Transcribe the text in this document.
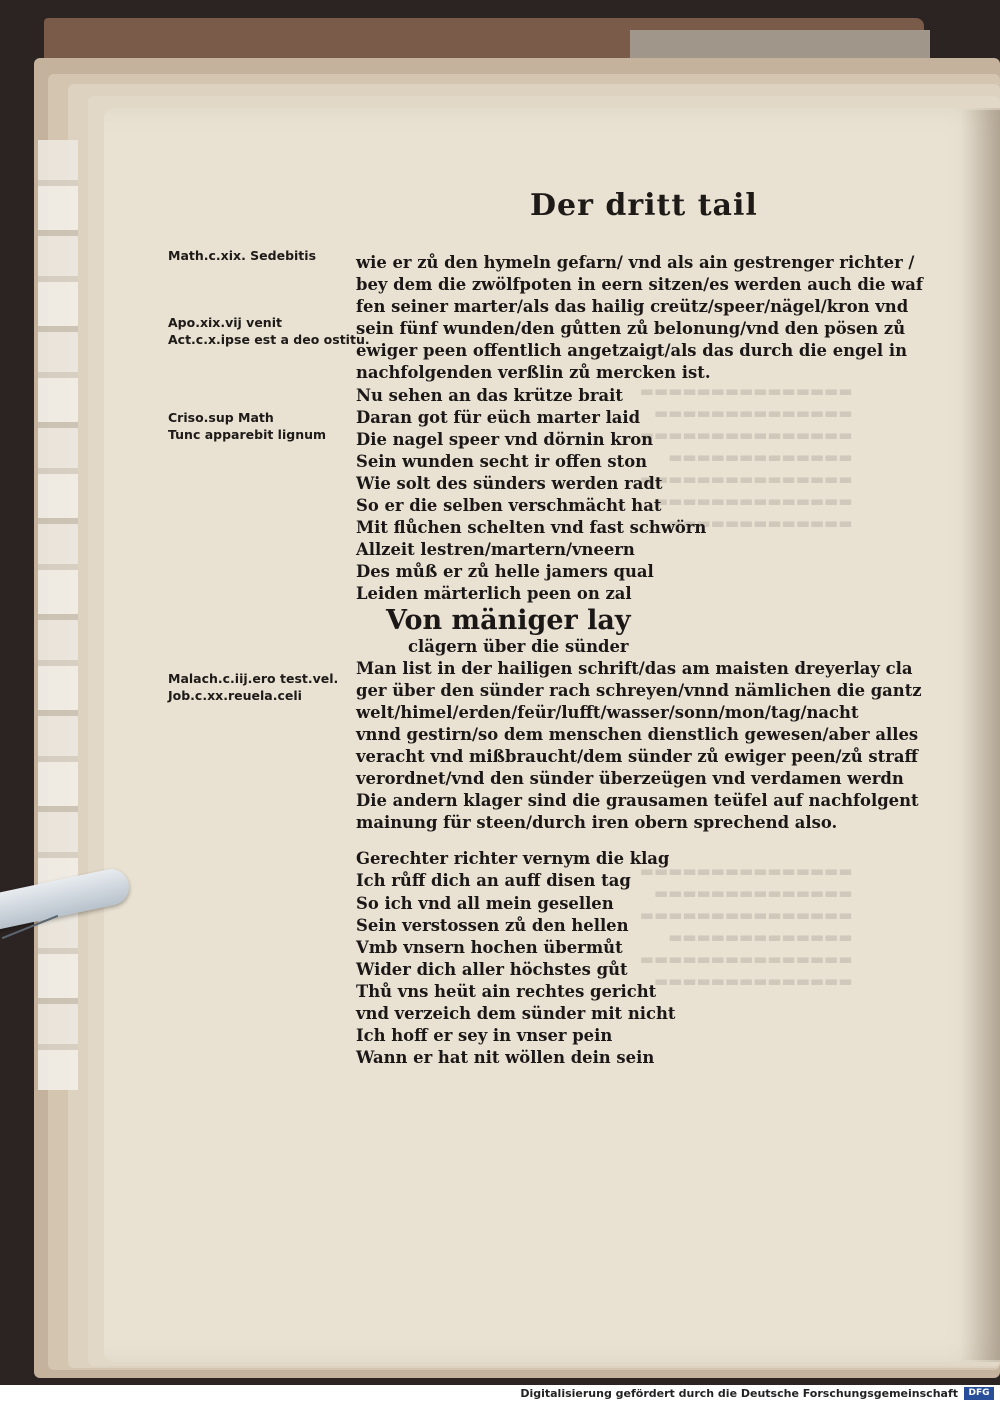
▬▬▬▬▬▬▬▬▬▬▬▬▬▬▬
▬▬▬▬▬▬▬▬▬▬▬▬▬▬
▬▬▬▬▬▬▬▬▬▬▬▬▬▬▬
▬▬▬▬▬▬▬▬▬▬▬▬▬
▬▬▬▬▬▬▬▬▬▬▬▬▬▬▬
▬▬▬▬▬▬▬▬▬▬▬▬▬▬
▬▬▬▬▬▬▬▬▬▬▬▬▬
▬▬▬▬▬▬▬▬▬▬▬▬▬▬▬
▬▬▬▬▬▬▬▬▬▬▬▬▬▬
▬▬▬▬▬▬▬▬▬▬▬▬▬▬▬
▬▬▬▬▬▬▬▬▬▬▬▬▬
▬▬▬▬▬▬▬▬▬▬▬▬▬▬▬
▬▬▬▬▬▬▬▬▬▬▬▬▬▬
Der dritt tail
Math.c.xix. Sedebitis
Apo.xix.vij venit
Act.c.x.ipse est a deo ostitu.
Criso.sup Math
Tunc apparebit lignum
Malach.c.iij.ero test.vel.
Job.c.xx.reuela.celi
wie er zů den hymeln gefarn/ vnd als ain gestrenger richter /
bey dem die zwölfpoten in eern sitzen/es werden auch die waf
fen seiner marter/als das hailig creütz/speer/nägel/kron vnd
sein fünf wunden/den gůtten zů belonung/vnd den pösen zů
ewiger peen offentlich angetzaigt/als das durch die engel in
nachfolgenden verßlin zů mercken ist.
Nu sehen an das krütze brait
Daran got für eüch marter laid
Die nagel speer vnd dörnin kron
Sein wunden secht ir offen ston
Wie solt des sünders werden radt
So er die selben verschmächt hat
Mit flůchen schelten vnd fast schwörn
Allzeit lestren/martern/vneern
Des můß er zů helle jamers qual
Leiden märterlich peen on zal
Von mäniger lay
clägern über die sünder
Man list in der hailigen schrift/das am maisten dreyerlay cla
ger über den sünder rach schreyen/vnnd nämlichen die gantz
welt/himel/erden/feür/lufft/wasser/sonn/mon/tag/nacht
vnnd gestirn/so dem menschen dienstlich gewesen/aber alles
veracht vnd mißbraucht/dem sünder zů ewiger peen/zů straff
verordnet/vnd den sünder überzeügen vnd verdamen werdn
Die andern klager sind die grausamen teüfel auf nachfolgent
mainung für steen/durch iren obern sprechend also.
Gerechter richter vernym die klag
Ich růff dich an auff disen tag
So ich vnd all mein gesellen
Sein verstossen zů den hellen
Vmb vnsern hochen übermůt
Wider dich aller höchstes gůt
Thů vns heüt ain rechtes gericht
vnd verzeich dem sünder mit nicht
Ich hoff er sey in vnser pein
Wann er hat nit wöllen dein sein
Digitalisierung gefördert durch die Deutsche Forschungsgemeinschaft	DFG
